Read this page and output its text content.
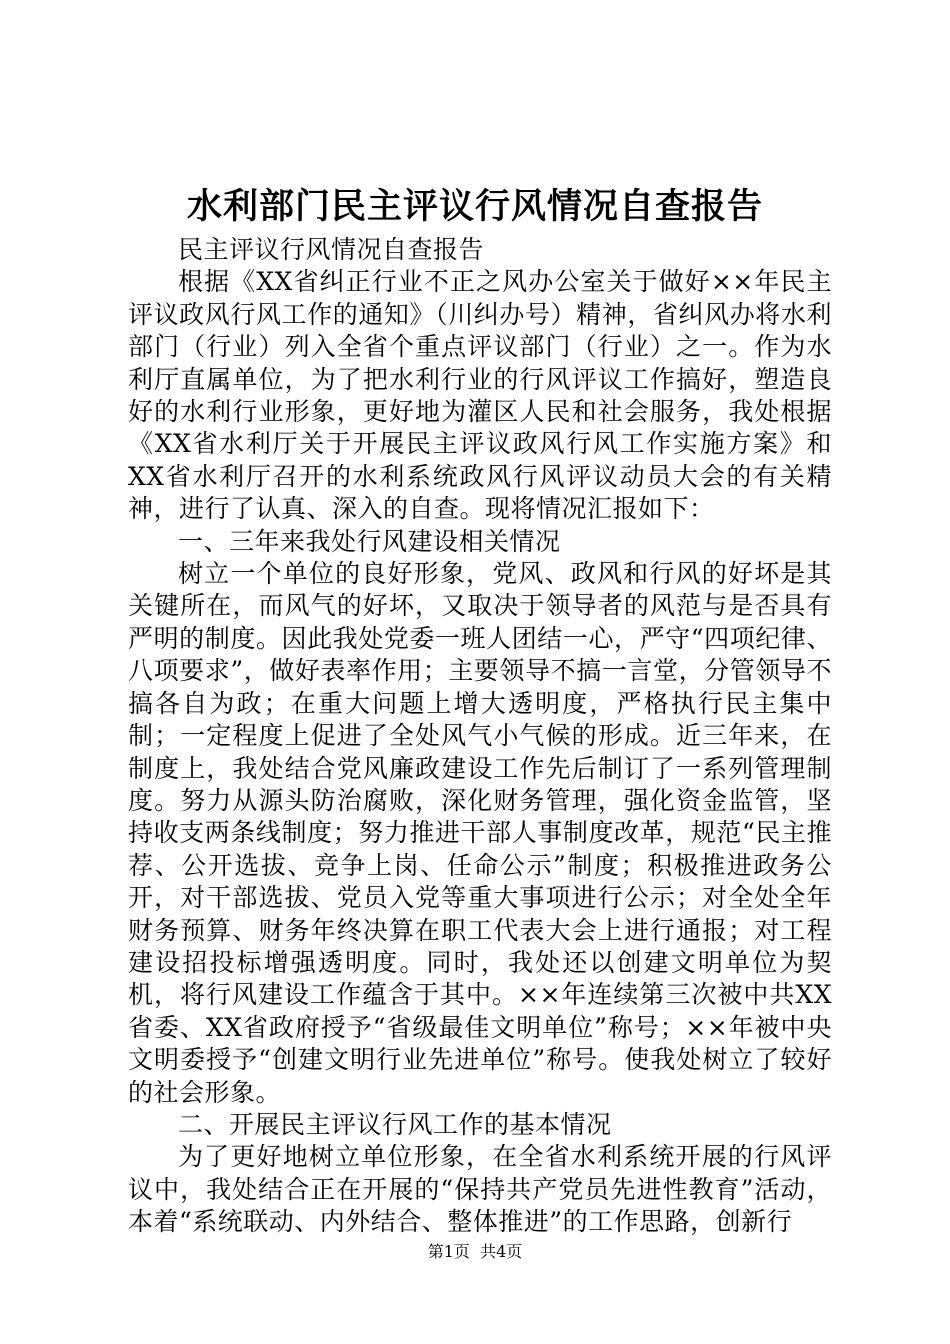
水利部门民主评议行风情况自查报告

民主评议行风情况自查报告

根据《XX省纠正行业不正之风办公室关于做好××年民主评议政风行风工作的通知》（川纠办号）精神，省纠风办将水利部门（行业）列入全省个重点评议部门（行业）之一。作为水利厅直属单位，为了把水利行业的行风评议工作搞好，塑造良好的水利行业形象，更好地为灌区人民和社会服务，我处根据《XX省水利厅关于开展民主评议政风行风工作实施方案》和XX省水利厅召开的水利系统政风行风评议动员大会的有关精神，进行了认真、深入的自查。现将情况汇报如下：

一、三年来我处行风建设相关情况

树立一个单位的良好形象，党风、政风和行风的好坏是其关键所在，而风气的好坏，又取决于领导者的风范与是否具有严明的制度。因此我处党委一班人团结一心，严守“四项纪律、八项要求”，做好表率作用；主要领导不搞一言堂，分管领导不搞各自为政；在重大问题上增大透明度，严格执行民主集中制；一定程度上促进了全处风气小气候的形成。近三年来，在制度上，我处结合党风廉政建设工作先后制订了一系列管理制度。努力从源头防治腐败，深化财务管理，强化资金监管，坚持收支两条线制度；努力推进干部人事制度改革，规范“民主推荐、公开选拔、竞争上岗、任命公示”制度；积极推进政务公开，对干部选拔、党员入党等重大事项进行公示；对全处全年财务预算、财务年终决算在职工代表大会上进行通报；对工程建设招投标增强透明度。同时，我处还以创建文明单位为契机，将行风建设工作蕴含于其中。××年连续第三次被中共XX省委、XX省政府授予“省级最佳文明单位”称号；××年被中央文明委授予“创建文明行业先进单位”称号。使我处树立了较好的社会形象。

二、开展民主评议行风工作的基本情况

为了更好地树立单位形象，在全省水利系统开展的行风评议中，我处结合正在开展的“保持共产党员先进性教育”活动，本着“系统联动、内外结合、整体推进”的工作思路，创新行

第1页  共4页
